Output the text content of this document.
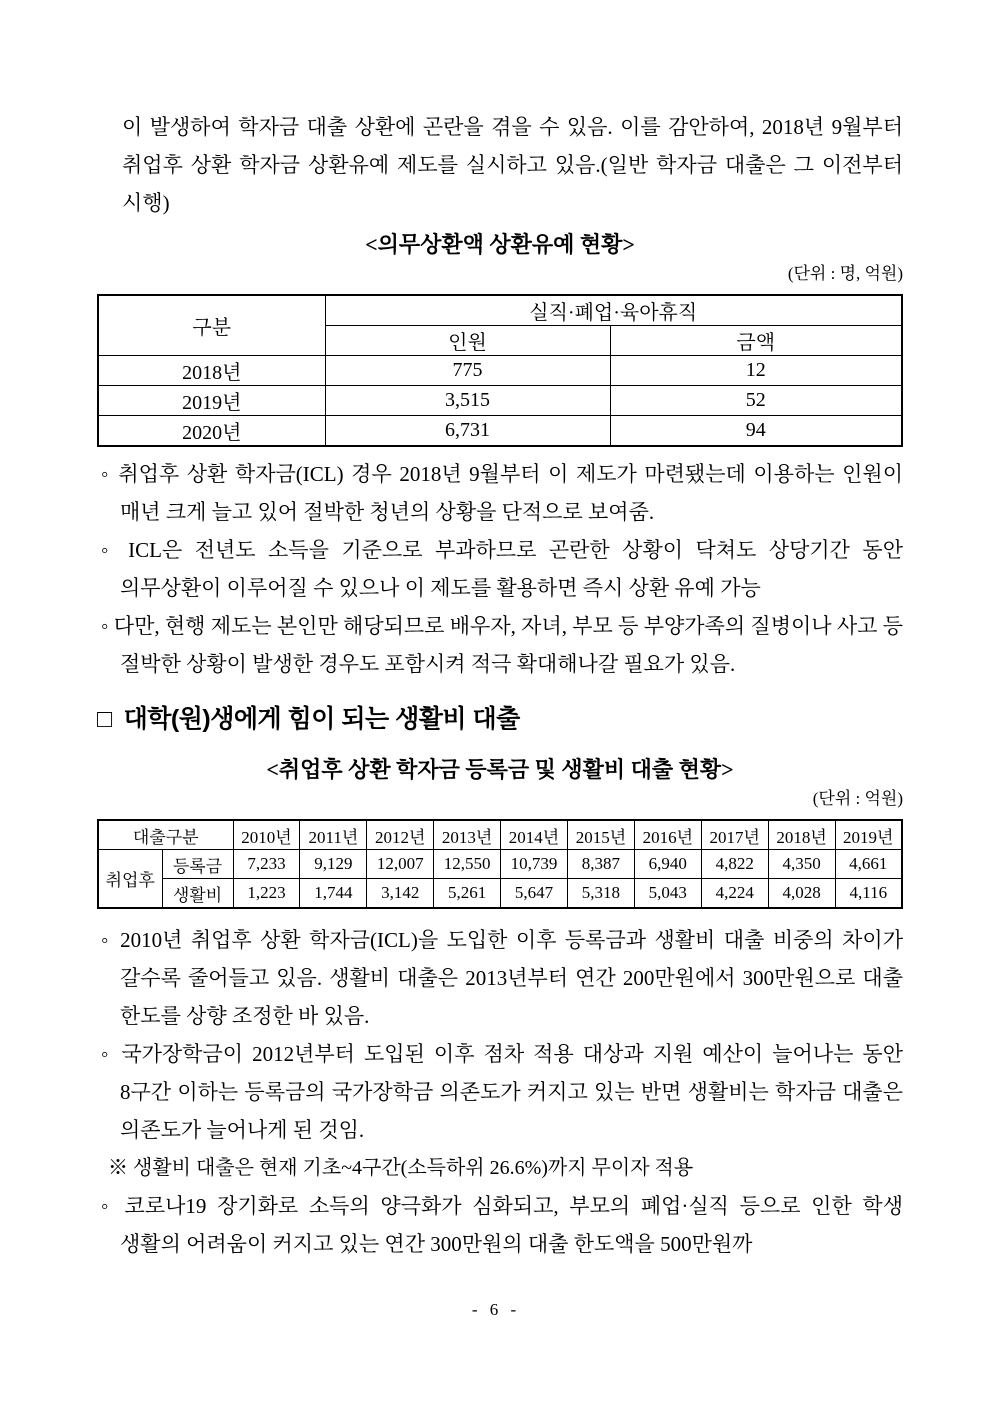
이 발생하여 학자금 대출 상환에 곤란을 겪을 수 있음. 이를 감안하여, 2018년 9월부터 취업후 상환 학자금 상환유예 제도를 실시하고 있음.(일반 학자금 대출은 그 이전부터 시행)

<의무상환액 상환유예 현황>
(단위 : 명, 억원)
구분	실직·폐업·육아휴직	
	인원	금액
2018년	775	12
2019년	3,515	52
2020년	6,731	94

◦ 취업후 상환 학자금(ICL) 경우 2018년 9월부터 이 제도가 마련됐는데 이용하는 인원이 매년 크게 늘고 있어 절박한 청년의 상황을 단적으로 보여줌.

◦ ICL은 전년도 소득을 기준으로 부과하므로 곤란한 상황이 닥쳐도 상당기간 동안 의무상환이 이루어질 수 있으나 이 제도를 활용하면 즉시 상환 유예 가능

◦ 다만, 현행 제도는 본인만 해당되므로 배우자, 자녀, 부모 등 부양가족의 질병이나 사고 등 절박한 상황이 발생한 경우도 포함시켜 적극 확대해나갈 필요가 있음.

□ 대학(원)생에게 힘이 되는 생활비 대출
<취업후 상환 학자금 등록금 및 생활비 대출 현황>
(단위 : 억원)
대출구분		2010년	2011년	2012년	2013년	2014년	2015년	2016년	2017년	2018년	2019년
취업후	등록금	7,233	9,129	12,007	12,550	10,739	8,387	6,940	4,822	4,350	4,661
	생활비	1,223	1,744	3,142	5,261	5,647	5,318	5,043	4,224	4,028	4,116

◦ 2010년 취업후 상환 학자금(ICL)을 도입한 이후 등록금과 생활비 대출 비중의 차이가 갈수록 줄어들고 있음. 생활비 대출은 2013년부터 연간 200만원에서 300만원으로 대출 한도를 상향 조정한 바 있음.

◦ 국가장학금이 2012년부터 도입된 이후 점차 적용 대상과 지원 예산이 늘어나는 동안 8구간 이하는 등록금의 국가장학금 의존도가 커지고 있는 반면 생활비는 학자금 대출은 의존도가 늘어나게 된 것임.

※ 생활비 대출은 현재 기초~4구간(소득하위 26.6%)까지 무이자 적용

◦ 코로나19 장기화로 소득의 양극화가 심화되고, 부모의 폐업·실직 등으로 인한 학생 생활의 어려움이 커지고 있는 연간 300만원의 대출 한도액을 500만원까

- 6 -
